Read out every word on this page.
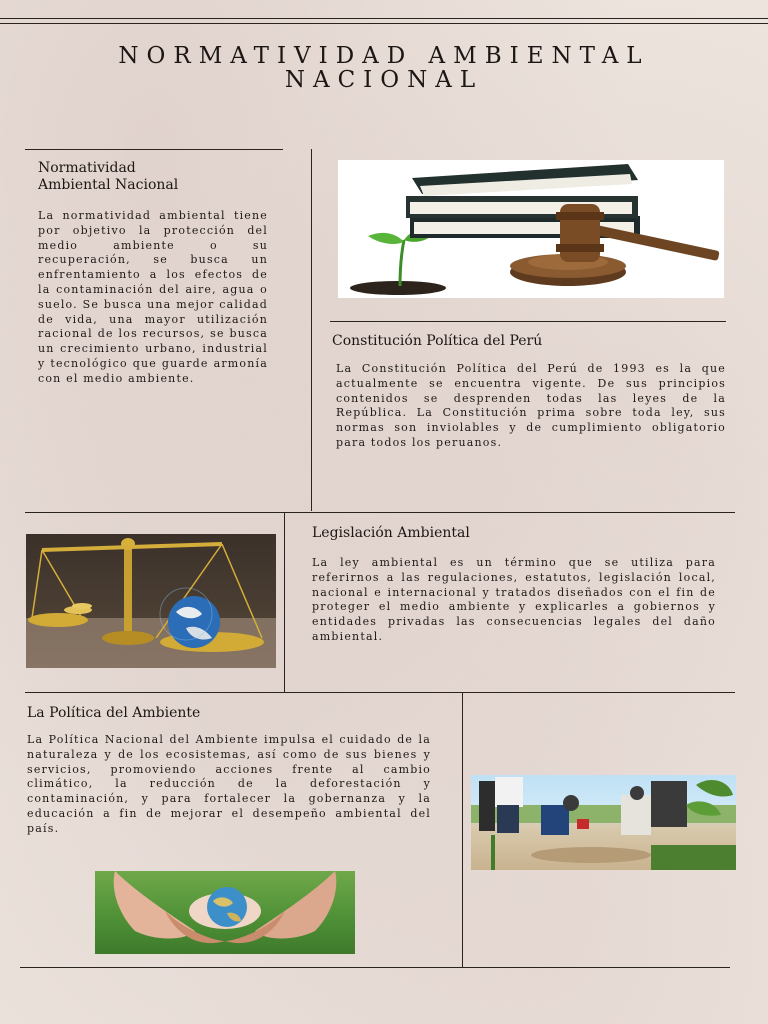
NORMATIVIDAD AMBIENTAL
NACIONAL
Normatividad
Ambiental Nacional
La normatividad ambiental tiene por objetivo la protección del medio ambiente o su recuperación, se busca un enfrentamiento a los efectos de la contaminación del aire, agua o suelo. Se busca una mejor calidad de vida, una mayor utilización racional de los recursos, se busca un crecimiento urbano, industrial y tecnológico que guarde armonía con el medio ambiente.
Constitución Política del Perú
La Constitución Política del Perú de 1993 es la que actualmente se encuentra vigente. De sus principios contenidos se desprenden todas las leyes de la República. La Constitución prima sobre toda ley, sus normas son inviolables y de cumplimiento obligatorio para todos los peruanos.
Legislación Ambiental
La ley ambiental es un término que se utiliza para referirnos a las regulaciones, estatutos, legislación local, nacional e internacional y tratados diseñados con el fin de proteger el medio ambiente y explicarles a gobiernos y entidades privadas las consecuencias legales del daño ambiental.
La Política del Ambiente
La Política Nacional del Ambiente impulsa el cuidado de la naturaleza y de los ecosistemas, así como de sus bienes y servicios, promoviendo acciones frente al cambio climático, la reducción de la deforestación y contaminación, y para fortalecer la gobernanza y la educación a fin de mejorar el desempeño ambiental del país.
